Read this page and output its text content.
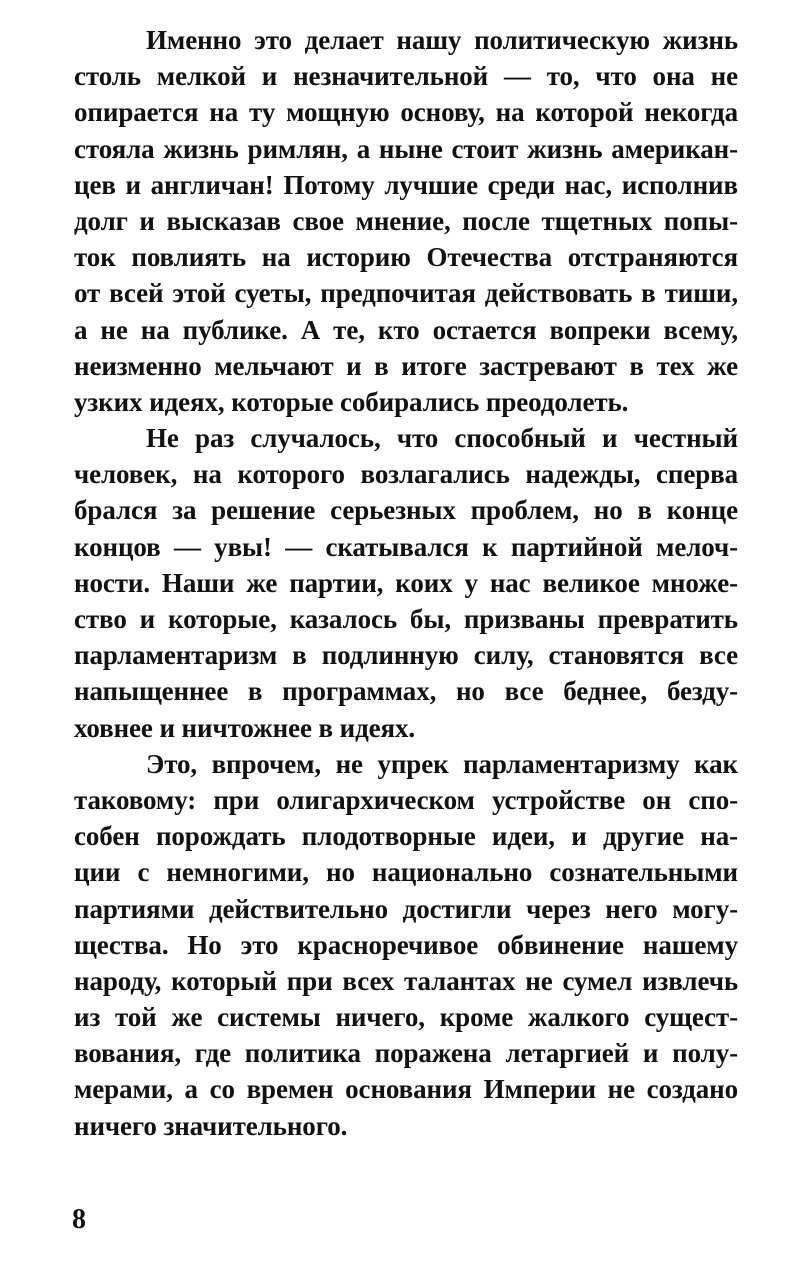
Именно это делает нашу политическую жизнь
столь мелкой и незначительной — то, что она не
опирается на ту мощную основу, на которой некогда
стояла жизнь римлян, а ныне стоит жизнь американ-
цев и англичан! Потому лучшие среди нас, исполнив
долг и высказав свое мнение, после тщетных попы-
ток повлиять на историю Отечества отстраняются
от всей этой суеты, предпочитая действовать в тиши,
а не на публике. А те, кто остается вопреки всему,
неизменно мельчают и в итоге застревают в тех же
узких идеях, которые собирались преодолеть.
Не раз случалось, что способный и честный
человек, на которого возлагались надежды, сперва
брался за решение серьезных проблем, но в конце
концов — увы! — скатывался к партийной мелоч-
ности. Наши же партии, коих у нас великое множе-
ство и которые, казалось бы, призваны превратить
парламентаризм в подлинную силу, становятся все
напыщеннее в программах, но все беднее, безду-
ховнее и ничтожнее в идеях.
Это, впрочем, не упрек парламентаризму как
таковому: при олигархическом устройстве он спо-
собен порождать плодотворные идеи, и другие на-
ции с немногими, но национально сознательными
партиями действительно достигли через него могу-
щества. Но это красноречивое обвинение нашему
народу, который при всех талантах не сумел извлечь
из той же системы ничего, кроме жалкого сущест-
вования, где политика поражена летаргией и полу-
мерами, а со времен основания Империи не создано
ничего значительного.
8
